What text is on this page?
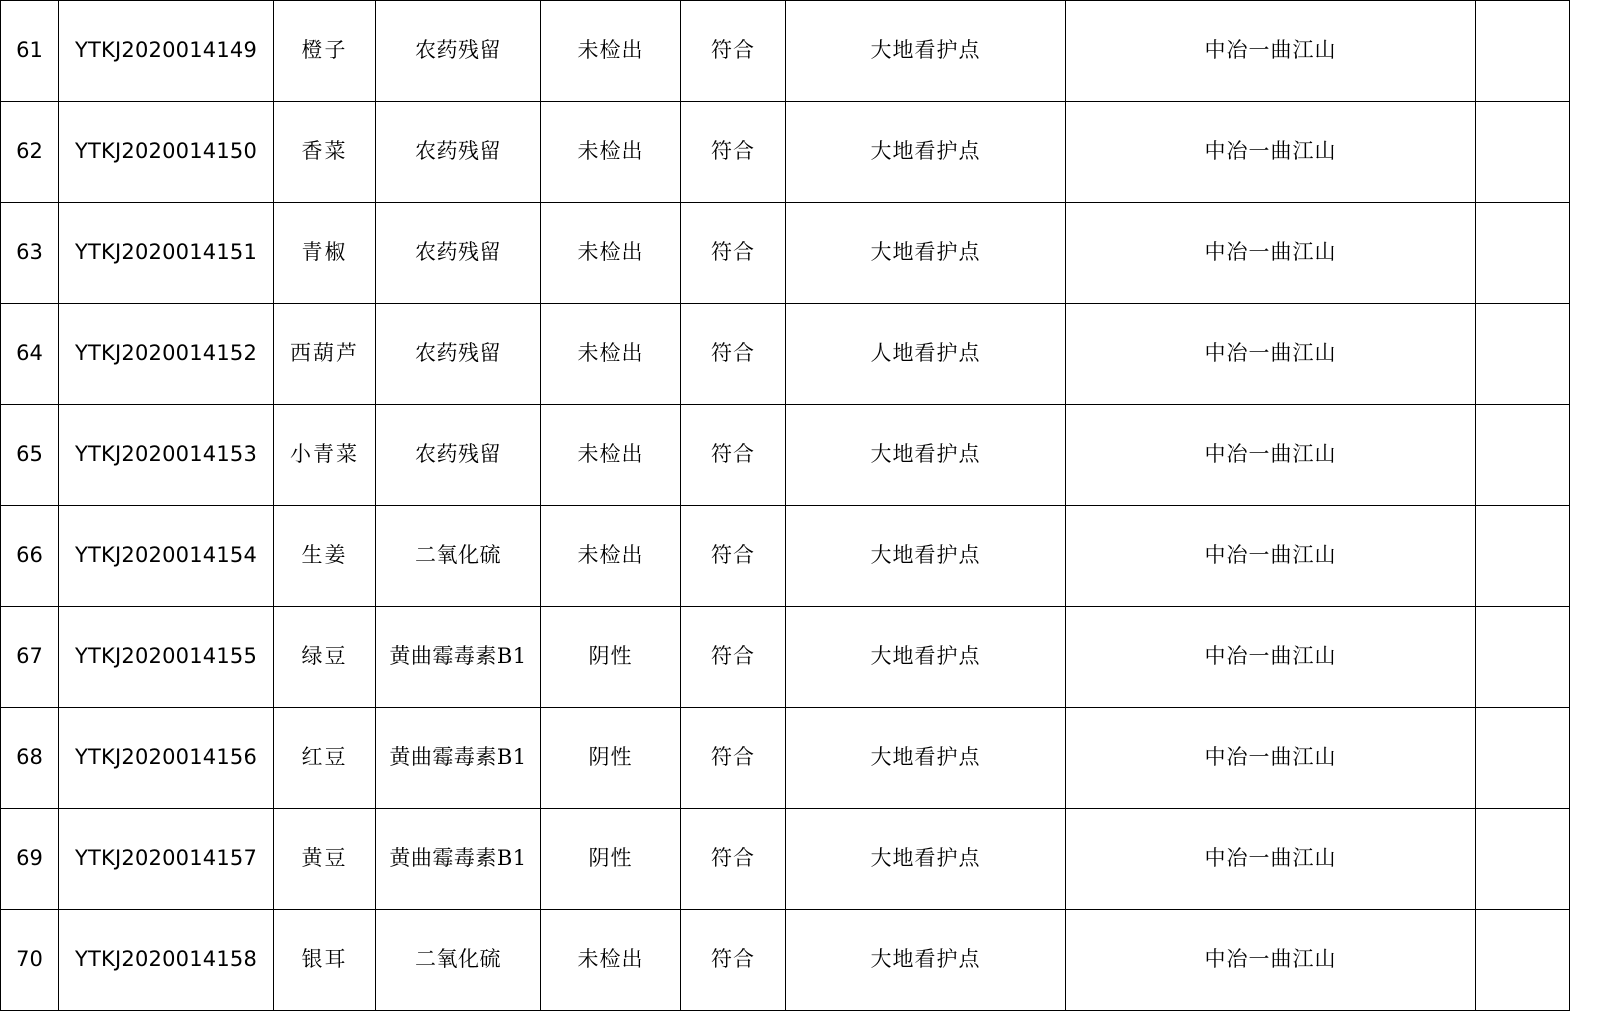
61	YTKJ2020014149	橙子	农药残留	未检出	符合	大地看护点	中冶一曲江山	
62	YTKJ2020014150	香菜	农药残留	未检出	符合	大地看护点	中冶一曲江山	
63	YTKJ2020014151	青椒	农药残留	未检出	符合	大地看护点	中冶一曲江山	
64	YTKJ2020014152	西葫芦	农药残留	未检出	符合	人地看护点	中冶一曲江山	
65	YTKJ2020014153	小青菜	农药残留	未检出	符合	大地看护点	中冶一曲江山	
66	YTKJ2020014154	生姜	二氧化硫	未检出	符合	大地看护点	中冶一曲江山	
67	YTKJ2020014155	绿豆	黄曲霉毒素B1	阴性	符合	大地看护点	中冶一曲江山	
68	YTKJ2020014156	红豆	黄曲霉毒素B1	阴性	符合	大地看护点	中冶一曲江山	
69	YTKJ2020014157	黄豆	黄曲霉毒素B1	阴性	符合	大地看护点	中冶一曲江山	
70	YTKJ2020014158	银耳	二氧化硫	未检出	符合	大地看护点	中冶一曲江山	
